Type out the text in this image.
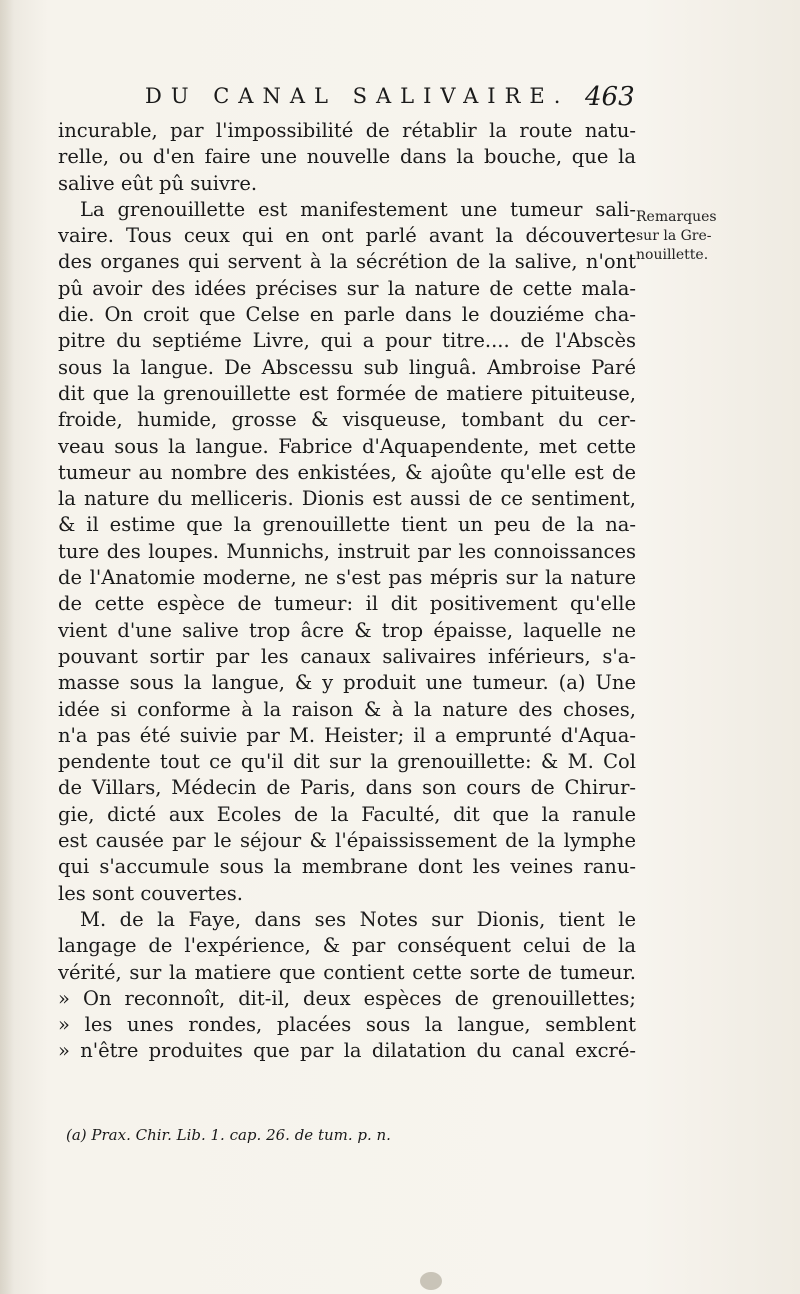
DU CANAL SALIVAIRE. 463
incurable, par l'impossibilité de rétablir la route natu-
relle, ou d'en faire une nouvelle dans la bouche, que la
salive eût pû suivre.
La grenouillette est manifestement une tumeur sali-
vaire. Tous ceux qui en ont parlé avant la découverte
des organes qui servent à la sécrétion de la salive, n'ont
pû avoir des idées précises sur la nature de cette mala-
die. On croit que Celse en parle dans le douziéme cha-
pitre du septiéme Livre, qui a pour titre.... de l'Abscès
sous la langue. De Abscessu sub linguâ. Ambroise Paré
dit que la grenouillette est formée de matiere pituiteuse,
froide, humide, grosse & visqueuse, tombant du cer-
veau sous la langue. Fabrice d'Aquapendente, met cette
tumeur au nombre des enkistées, & ajoûte qu'elle est de
la nature du melliceris. Dionis est aussi de ce sentiment,
& il estime que la grenouillette tient un peu de la na-
ture des loupes. Munnichs, instruit par les connoissances
de l'Anatomie moderne, ne s'est pas mépris sur la nature
de cette espèce de tumeur: il dit positivement qu'elle
vient d'une salive trop âcre & trop épaisse, laquelle ne
pouvant sortir par les canaux salivaires inférieurs, s'a-
masse sous la langue, & y produit une tumeur. (a) Une
idée si conforme à la raison & à la nature des choses,
n'a pas été suivie par M. Heister; il a emprunté d'Aqua-
pendente tout ce qu'il dit sur la grenouillette: & M. Col
de Villars, Médecin de Paris, dans son cours de Chirur-
gie, dicté aux Ecoles de la Faculté, dit que la ranule
est causée par le séjour & l'épaississement de la lymphe
qui s'accumule sous la membrane dont les veines ranu-
les sont couvertes.
M. de la Faye, dans ses Notes sur Dionis, tient le
langage de l'expérience, & par conséquent celui de la
vérité, sur la matiere que contient cette sorte de tumeur.
» On reconnoît, dit-il, deux espèces de grenouillettes;
» les unes rondes, placées sous la langue, semblent
» n'être produites que par la dilatation du canal excré-
Remarques
sur la Gre-
nouillette.
(a) Prax. Chir. Lib. 1. cap. 26. de tum. p. n.
